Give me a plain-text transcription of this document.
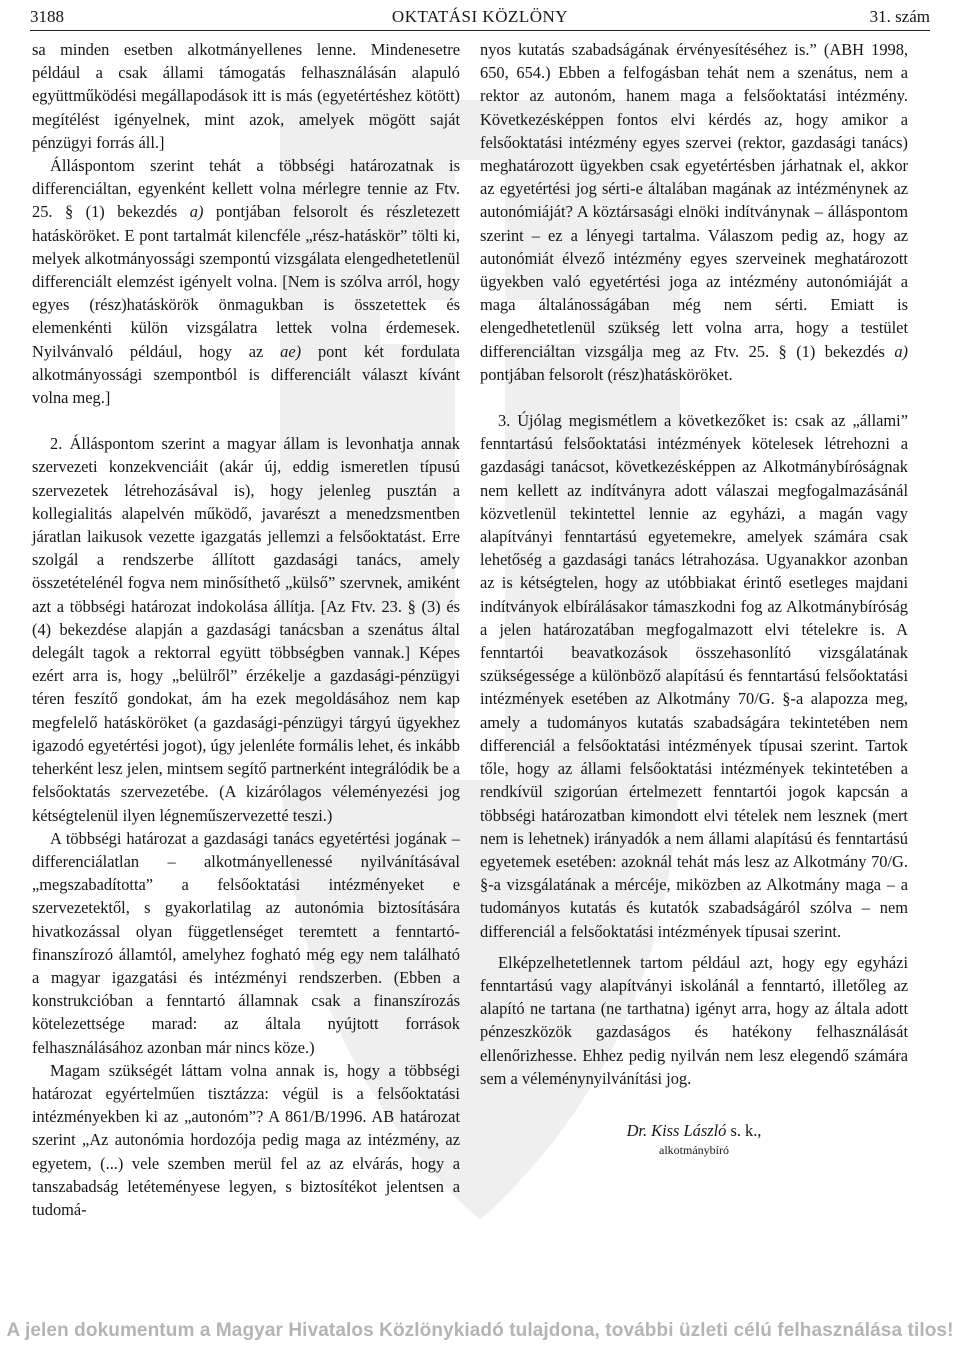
3188	OKTATÁSI KÖZLÖNY	31. szám

sa minden esetben alkotmányellenes lenne. Mindenesetre például a csak állami támogatás felhasználásán alapuló együttműködési megállapodások itt is más (egyetértéshez kötött) megítélést igényelnek, mint azok, amelyek mögött saját pénzügyi forrás áll.]

Álláspontom szerint tehát a többségi határozatnak is differenciáltan, egyenként kellett volna mérlegre tennie az Ftv. 25. § (1) bekezdés a) pontjában felsorolt és részletezett hatásköröket. E pont tartalmát kilencféle „rész-hatáskör” tölti ki, melyek alkotmányossági szempontú vizsgálata elengedhetetlenül differenciált elemzést igényelt volna. [Nem is szólva arról, hogy egyes (rész)hatáskörök önmagukban is összetettek és elemenkénti külön vizsgálatra lettek volna érdemesek. Nyilvánvaló például, hogy az ae) pont két fordulata alkotmányossági szempontból is differenciált választ kívánt volna meg.]

2. Álláspontom szerint a magyar állam is levonhatja annak szervezeti konzekvenciáit (akár új, eddig ismeretlen típusú szervezetek létrehozásával is), hogy jelenleg pusztán a kollegialitás alapelvén működő, javarészt a menedzsmentben járatlan laikusok vezette igazgatás jellemzi a felsőoktatást. Erre szolgál a rendszerbe állított gazdasági tanács, amely összetételénél fogva nem minősíthető „külső” szervnek, amiként azt a többségi határozat indokolása állítja. [Az Ftv. 23. § (3) és (4) bekezdése alapján a gazdasági tanácsban a szenátus által delegált tagok a rektorral együtt többségben vannak.] Képes ezért arra is, hogy „belülről” érzékelje a gazdasági-pénzügyi téren feszítő gondokat, ám ha ezek megoldásához nem kap megfelelő hatásköröket (a gazdasági-pénzügyi tárgyú ügyekhez igazodó egyetértési jogot), úgy jelenléte formális lehet, és inkább teherként lesz jelen, mintsem segítő partnerként integrálódik be a felsőoktatás szervezetébe. (A kizárólagos véleményezési jog kétségtelenül ilyen légneműszervezetté teszi.)

A többségi határozat a gazdasági tanács egyetértési jogának – differenciálatlan – alkotmányellenessé nyilvánításával „megszabadította” a felsőoktatási intézményeket e szervezetektől, s gyakorlatilag az autonómia biztosítására hivatkozással olyan függetlenséget teremtett a fenntartó-finanszírozó államtól, amelyhez fogható még egy nem található a magyar igazgatási és intézményi rendszerben. (Ebben a konstrukcióban a fenntartó államnak csak a finanszírozás kötelezettsége marad: az általa nyújtott források felhasználásához azonban már nincs köze.)

Magam szükségét láttam volna annak is, hogy a többségi határozat egyértelműen tisztázza: végül is a felsőoktatási intézményekben ki az „autonóm”? A 861/B/1996. AB határozat szerint „Az autonómia hordozója pedig maga az intézmény, az egyetem, (...) vele szemben merül fel az az elvárás, hogy a tanszabadság letéteményese legyen, s biztosítékot jelentsen a tudomá-

nyos kutatás szabadságának érvényesítéséhez is.” (ABH 1998, 650, 654.) Ebben a felfogásban tehát nem a szenátus, nem a rektor az autonóm, hanem maga a felsőoktatási intézmény. Következésképpen fontos elvi kérdés az, hogy amikor a felsőoktatási intézmény egyes szervei (rektor, gazdasági tanács) meghatározott ügyekben csak egyetértésben járhatnak el, akkor az egyetértési jog sérti-e általában magának az intézménynek az autonómiáját? A köztársasági elnöki indítványnak – álláspontom szerint – ez a lényegi tartalma. Válaszom pedig az, hogy az autonómiát élvező intézmény egyes szerveinek meghatározott ügyekben való egyetértési joga az intézmény autonómiáját a maga általánosságában még nem sérti. Emiatt is elengedhetetlenül szükség lett volna arra, hogy a testület differenciáltan vizsgálja meg az Ftv. 25. § (1) bekezdés a) pontjában felsorolt (rész)hatásköröket.

3. Újólag megismétlem a következőket is: csak az „állami” fenntartású felsőoktatási intézmények kötelesek létrehozni a gazdasági tanácsot, következésképpen az Alkotmánybíróságnak nem kellett az indítványra adott válaszai megfogalmazásánál közvetlenül tekintettel lennie az egyházi, a magán vagy alapítványi fenntartású egyetemekre, amelyek számára csak lehetőség a gazdasági tanács létrahozása. Ugyanakkor azonban az is kétségtelen, hogy az utóbbiakat érintő esetleges majdani indítványok elbírálásakor támaszkodni fog az Alkotmánybíróság a jelen határozatában megfogalmazott elvi tételekre is. A fenntartói beavatkozások összehasonlító vizsgálatának szükségessége a különböző alapítású és fenntartású felsőoktatási intézmények esetében az Alkotmány 70/G. §-a alapozza meg, amely a tudományos kutatás szabadságára tekintetében nem differenciál a felsőoktatási intézmények típusai szerint. Tartok tőle, hogy az állami felsőoktatási intézmények tekintetében a rendkívül szigorúan értelmezett fenntartói jogok kapcsán a többségi határozatban kimondott elvi tételek nem lesznek (mert nem is lehetnek) irányadók a nem állami alapítású és fenntartású egyetemek esetében: azoknál tehát más lesz az Alkotmány 70/G. §-a vizsgálatának a mércéje, miközben az Alkotmány maga – a tudományos kutatás és kutatók szabadságáról szólva – nem differenciál a felsőoktatási intézmények típusai szerint.

Elképzelhetetlennek tartom például azt, hogy egy egyházi fenntartású vagy alapítványi iskolánál a fenntartó, illetőleg az alapító ne tartana (ne tarthatna) igényt arra, hogy az általa adott pénzeszközök gazdaságos és hatékony felhasználását ellenőrizhesse. Ehhez pedig nyilván nem lesz elegendő számára sem a véleménynyilvánítási jog.

Dr. Kiss László s. k.,
alkotmánybíró

A jelen dokumentum a Magyar Hivatalos Közlönykiadó tulajdona, további üzleti célú felhasználása tilos!
